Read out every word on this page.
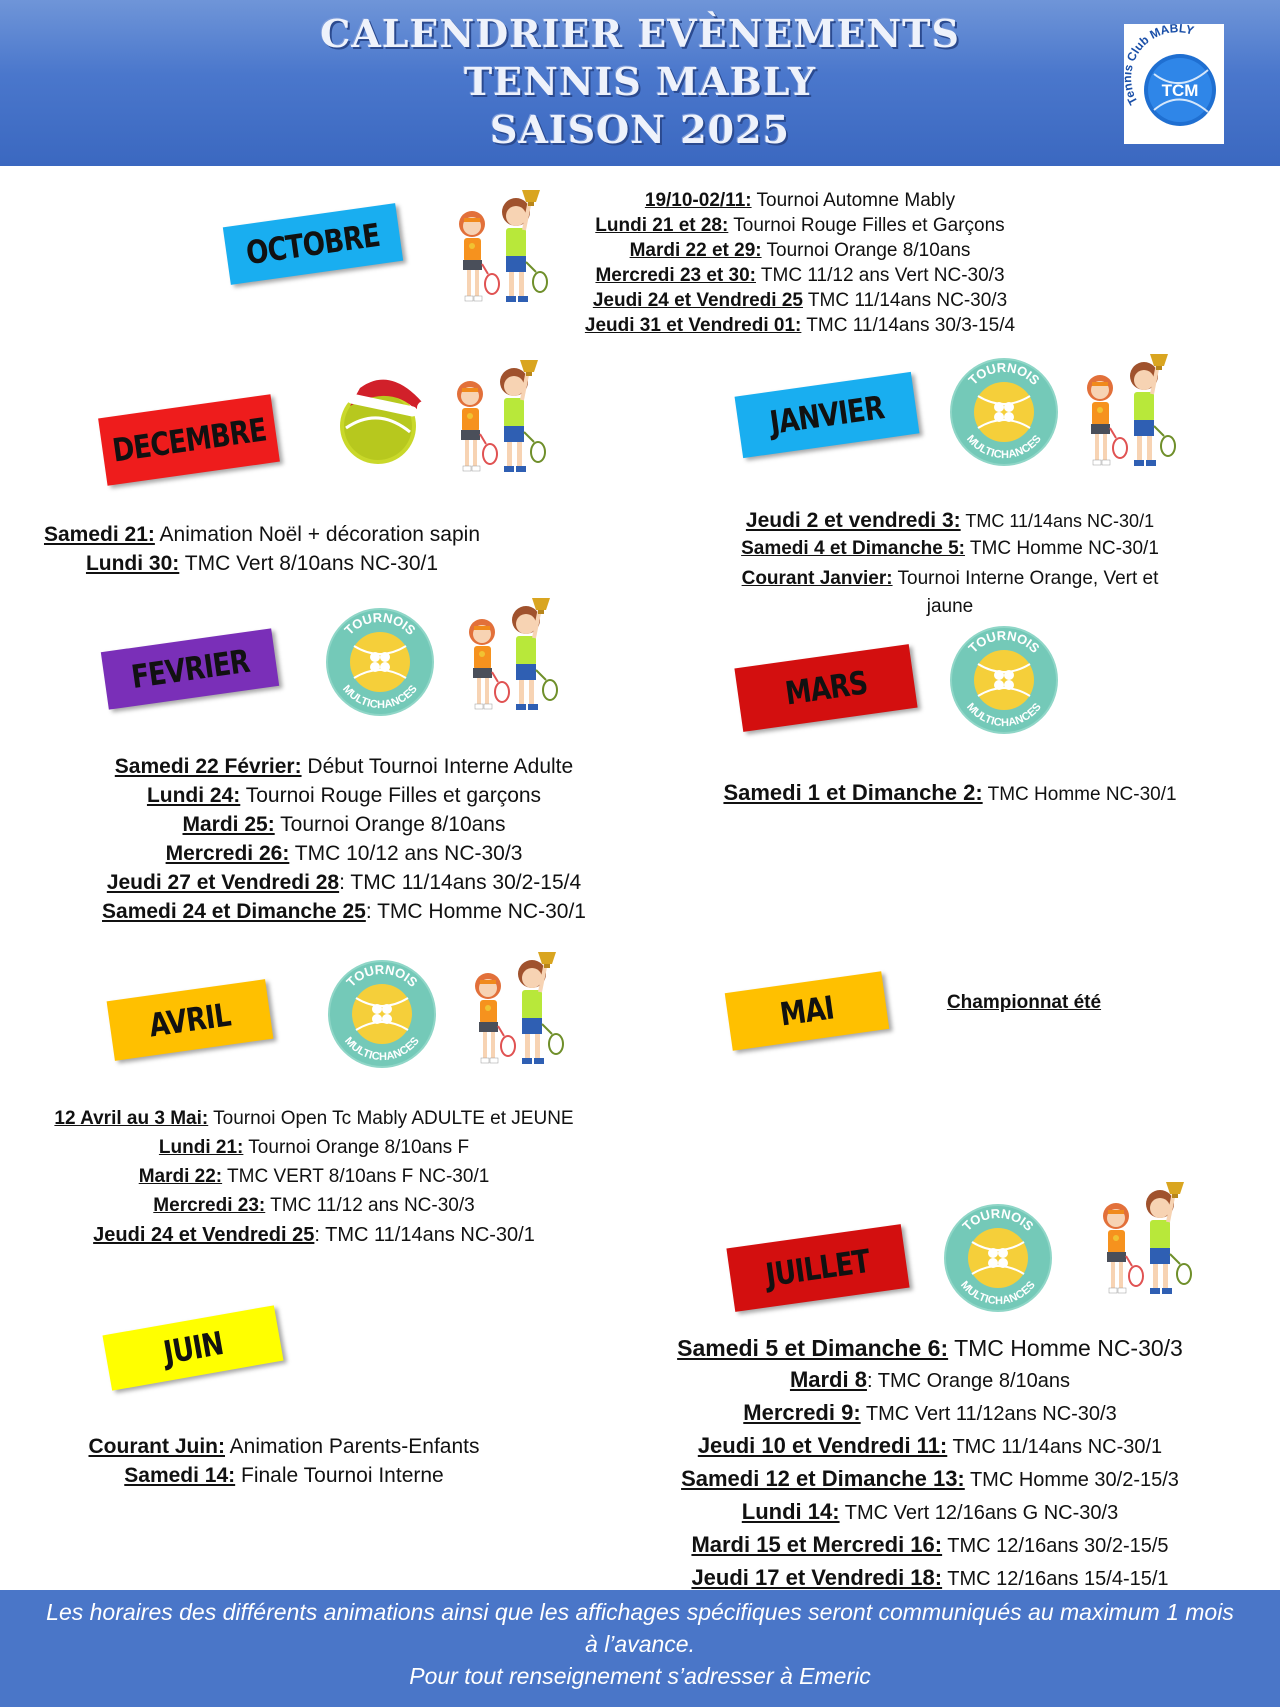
CALENDRIER EVÈNEMENTS
TENNIS MABLY
SAISON 2025
TCM
T Club MABLY
OCTOBRE
19/10-02/11: Tournoi Automne Mably
Lundi 21 et 28: Tournoi Rouge Filles et Garçons
Mardi 22 et 29: Tournoi Orange 8/10ans
Mercredi 23 et 30: TMC 11/12 ans Vert NC-30/3
Jeudi 24 et Vendredi 25 TMC 11/14ans NC-30/3
Jeudi 31 et Vendredi 01: TMC 11/14ans 30/3-15/4
DECEMBRE
Samedi 21: Animation Noël + décoration sapin
Lundi 30: TMC Vert 8/10ans NC-30/1
JANVIER
TOURNOIS
MULTICHANCES
Jeudi 2 et vendredi 3: TMC 11/14ans NC-30/1
Samedi 4 et Dimanche 5: TMC Homme NC-30/1
Courant Janvier: Tournoi Interne Orange, Vert et
jaune
FEVRIER
TOURNOIS
MULTICHANCES
Samedi 22 Février: Début Tournoi Interne Adulte
Lundi 24: Tournoi Rouge Filles et garçons
Mardi 25: Tournoi Orange 8/10ans
Mercredi 26: TMC 10/12 ans NC-30/3
Jeudi 27 et Vendredi 28: TMC 11/14ans 30/2-15/4
Samedi 24 et Dimanche 25: TMC Homme NC-30/1
MARS
TOURNOIS
MULTICHANCES
Samedi 1 et Dimanche 2: TMC Homme NC-30/1
AVRIL
TOURNOIS
MULTICHANCES
12 Avril au 3 Mai: Tournoi Open Tc Mably ADULTE et JEUNE
Lundi 21: Tournoi Orange 8/10ans F
Mardi 22: TMC VERT 8/10ans F NC-30/1
Mercredi 23: TMC 11/12 ans NC-30/3
Jeudi 24 et Vendredi 25: TMC 11/14ans NC-30/1
MAI	Championnat été
JUIN
Courant Juin: Animation Parents-Enfants
Samedi 14: Finale Tournoi Interne
JUILLET
TOURNOIS
MULTICHANCES
Samedi 5 et Dimanche 6: TMC Homme NC-30/3
Mardi 8: TMC Orange 8/10ans
Mercredi 9: TMC Vert 11/12ans NC-30/3
Jeudi 10 et Vendredi 11: TMC 11/14ans NC-30/1
Samedi 12 et Dimanche 13: TMC Homme 30/2-15/3
Lundi 14: TMC Vert 12/16ans G NC-30/3
Mardi 15 et Mercredi 16: TMC 12/16ans 30/2-15/5
Jeudi 17 et Vendredi 18: TMC 12/16ans 15/4-15/1
Les horaires des différents animations ainsi que les affichages spécifiques seront communiqués au maximum 1 mois
à l’avance.
Pour tout renseignement s’adresser à Emeric
